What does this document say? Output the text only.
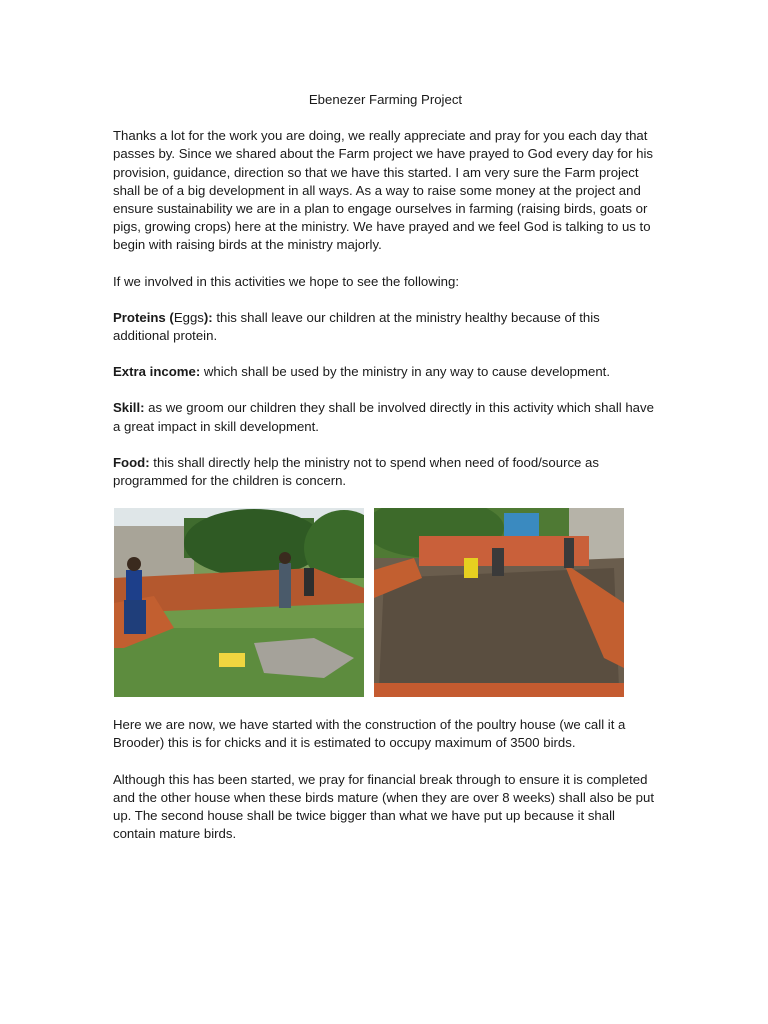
Ebenezer Farming Project

Thanks a lot for the work you are doing, we really appreciate and pray for you each day that passes by. Since we shared about the Farm project we have prayed to God every day for his provision, guidance, direction so that we have this started. I am very sure the Farm project shall be of a big development in all ways. As a way to raise some money at the project and ensure sustainability we are in a plan to engage ourselves in farming (raising birds, goats or pigs, growing crops) here at the ministry. We have prayed and we feel God is talking to us to begin with raising birds at the ministry majorly.

If we involved in this activities we hope to see the following:

Proteins (Eggs): this shall leave our children at the ministry healthy because of this additional protein.

Extra income: which shall be used by the ministry in any way to cause development.

Skill: as we groom our children they shall be involved directly in this activity which shall have a great impact in skill development.

Food: this shall directly help the ministry not to spend when need of food/source as programmed for the children is concern.

Here we are now, we have started with the construction of the poultry house (we call it a Brooder) this is for chicks and it is estimated to occupy maximum of 3500 birds.

Although this has been started, we pray for financial break through to ensure it is completed and the other house when these birds mature (when they are over 8 weeks) shall also be put up. The second house shall be twice bigger than what we have put up because it shall contain mature birds.
